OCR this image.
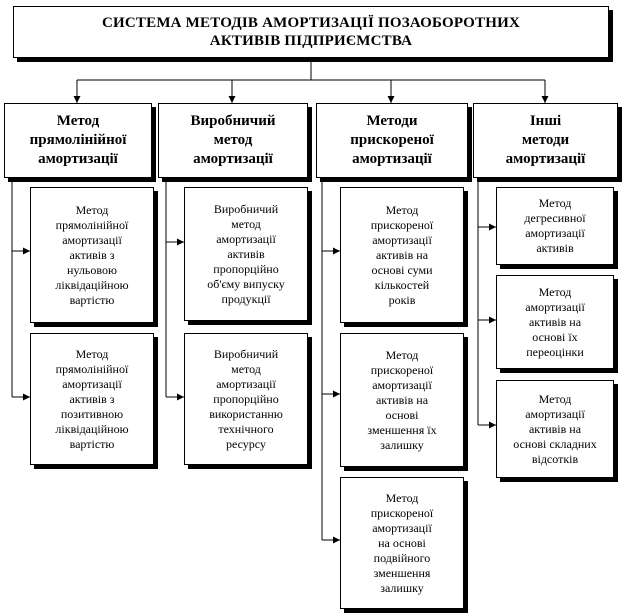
СИСТЕМА МЕТОДІВ АМОРТИЗАЦІЇ ПОЗАОБОРОТНИХ
АКТИВІВ ПІДПРИЄМСТВА
Метод
прямолінійної
амортизації
Виробничий
метод
амортизації
Методи
прискореної
амортизації
Інші
методи
амортизації
Метод
прямолінійної
амортизації
активів з
нульовою
ліквідаційною
вартістю
Метод
прямолінійної
амортизації
активів з
позитивною
ліквідаційною
вартістю
Виробничий
метод
амортизації
активів
пропорційно
об'єму випуску
продукції
Виробничий
метод
амортизації
пропорційно
використанню
технічного
ресурсу
Метод
прискореної
амортизації
активів на
основі суми
кількостей
років
Метод
прискореної
амортизації
активів на
основі
зменшення їх
залишку
Метод
прискореної
амортизації
на основі
подвійного
зменшення
залишку
Метод
дегресивної
амортизації
активів
Метод
амортизації
активів на
основі їх
переоцінки
Метод
амортизації
активів на
основі складних
відсотків
